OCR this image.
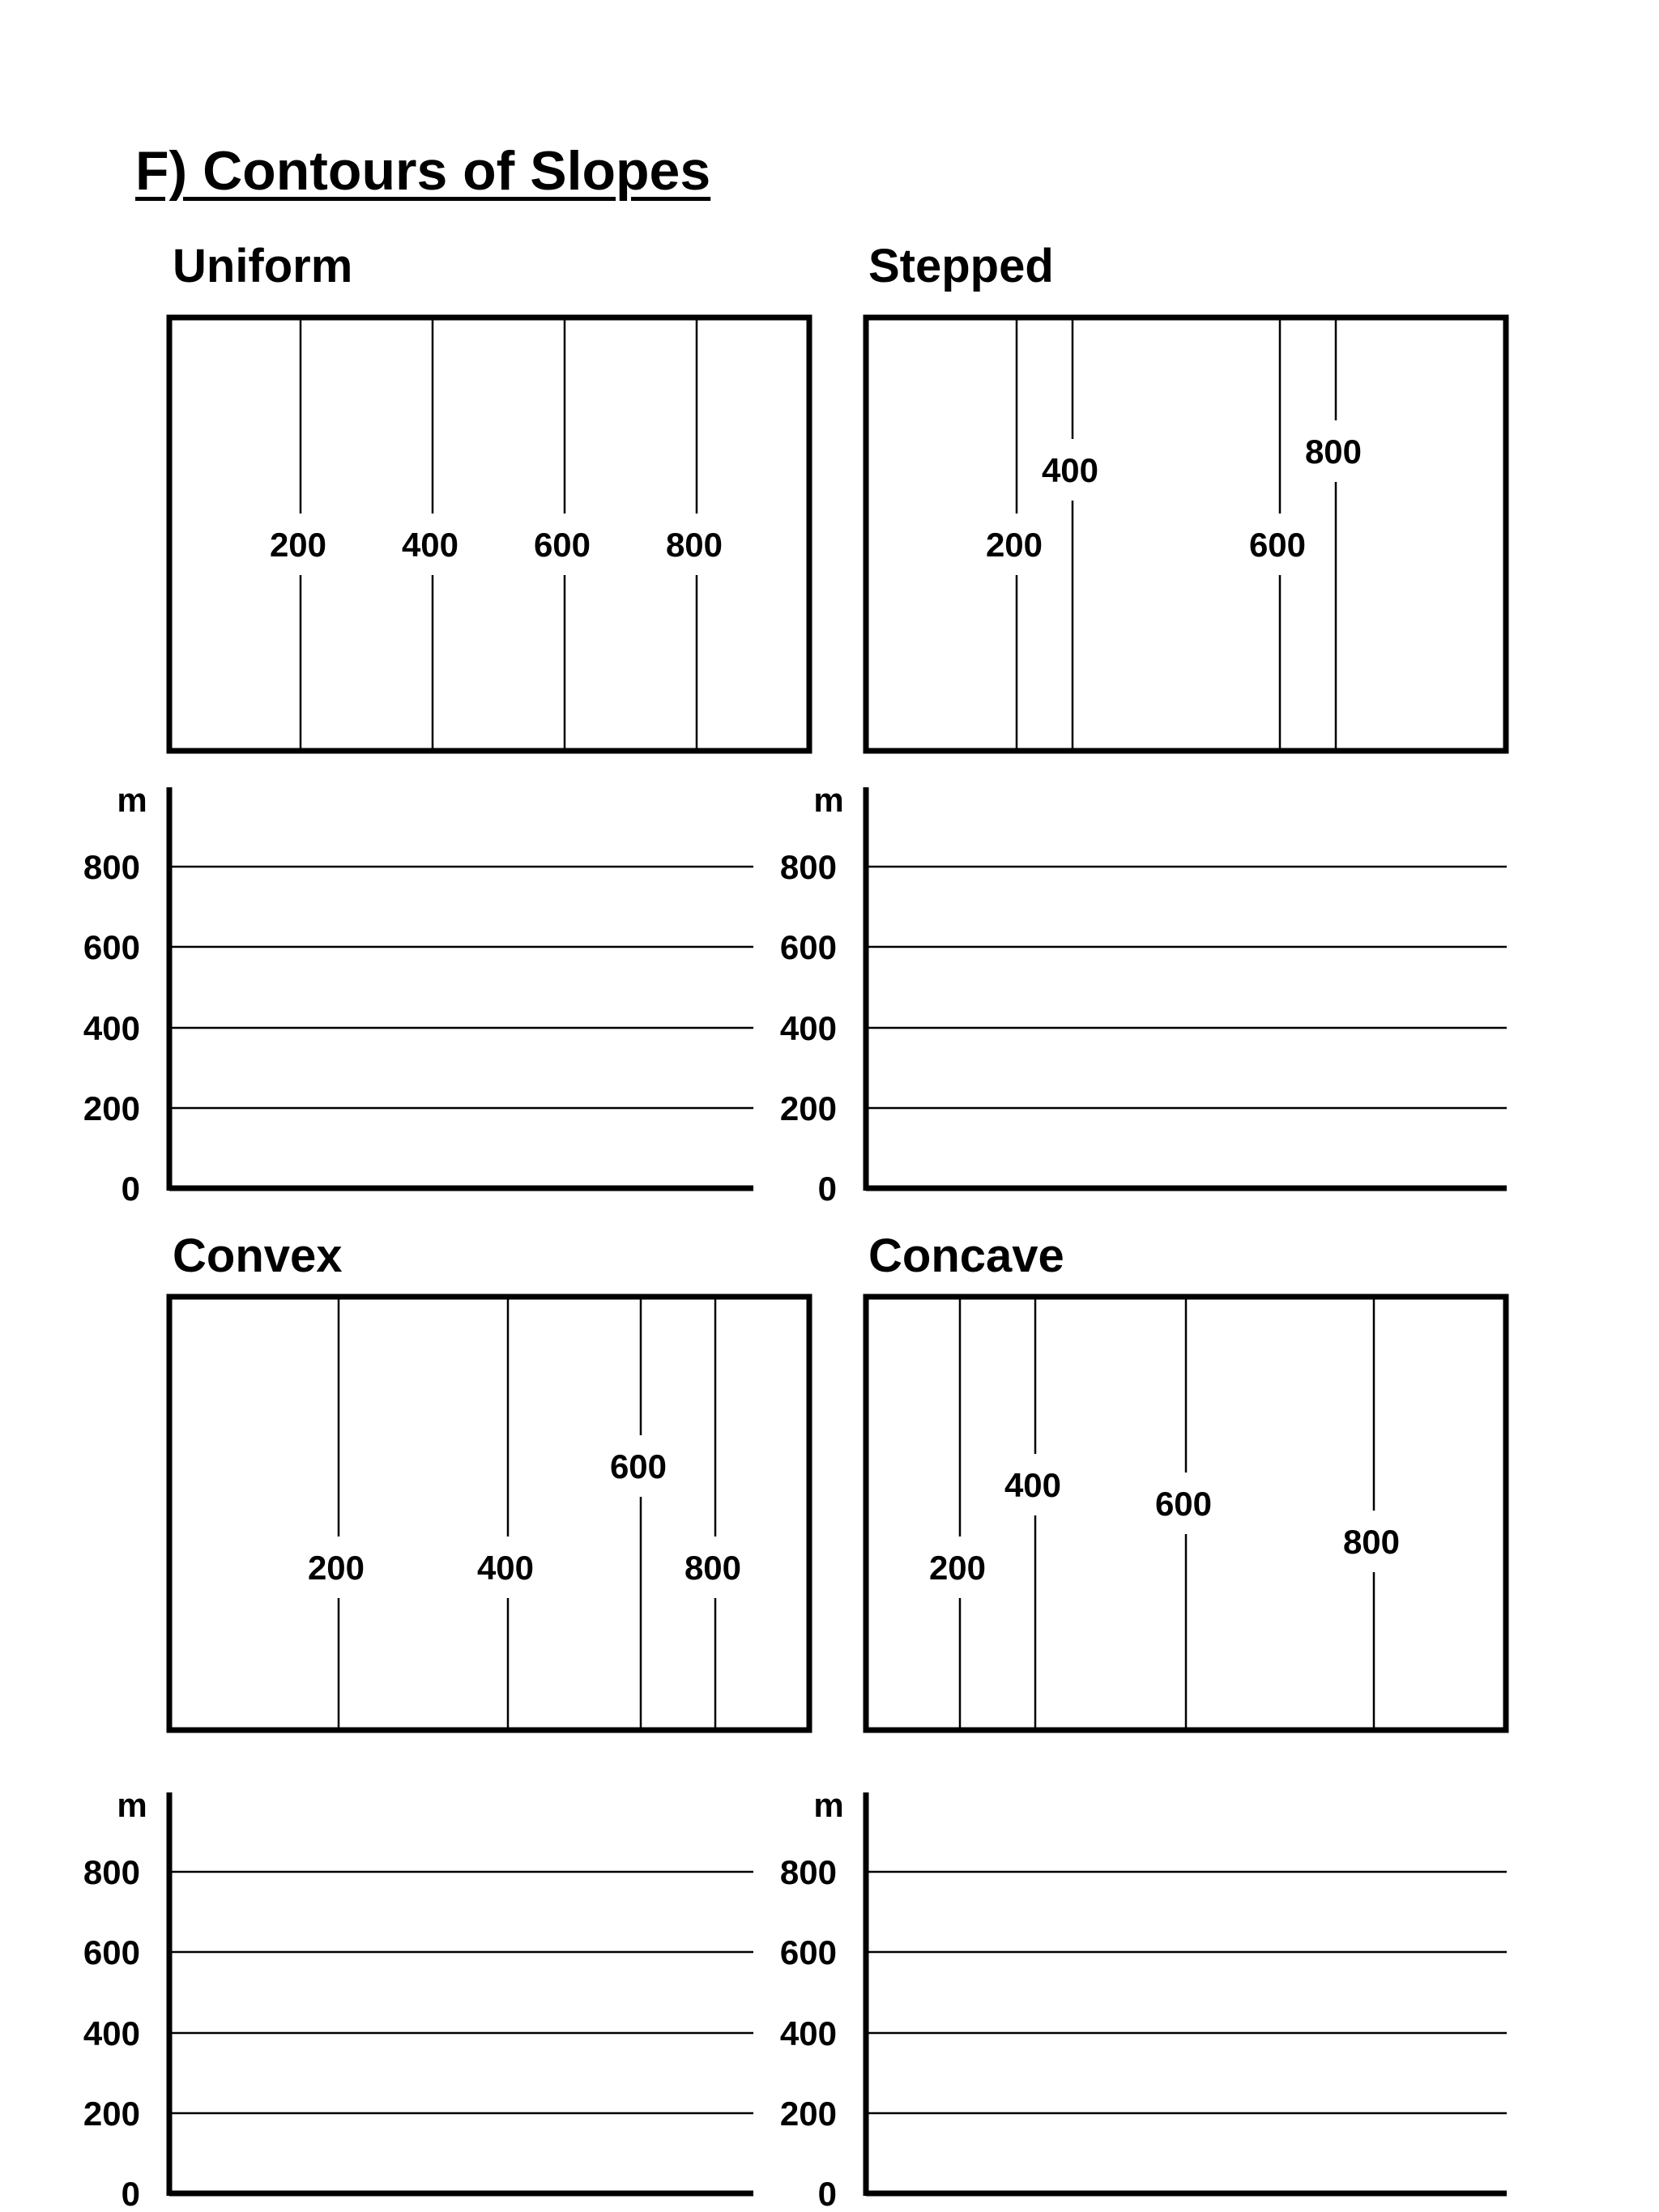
F) Contours of Slopes
Uniform	Stepped
Convex	Concave
200 400 600 800	200
400
600
800
200	400
600
800	200
400	600
800
m
800
600
400
200
0
m
800
600
400
200
0
m
800
600
400
200
0
m
800
600
400
200
0
